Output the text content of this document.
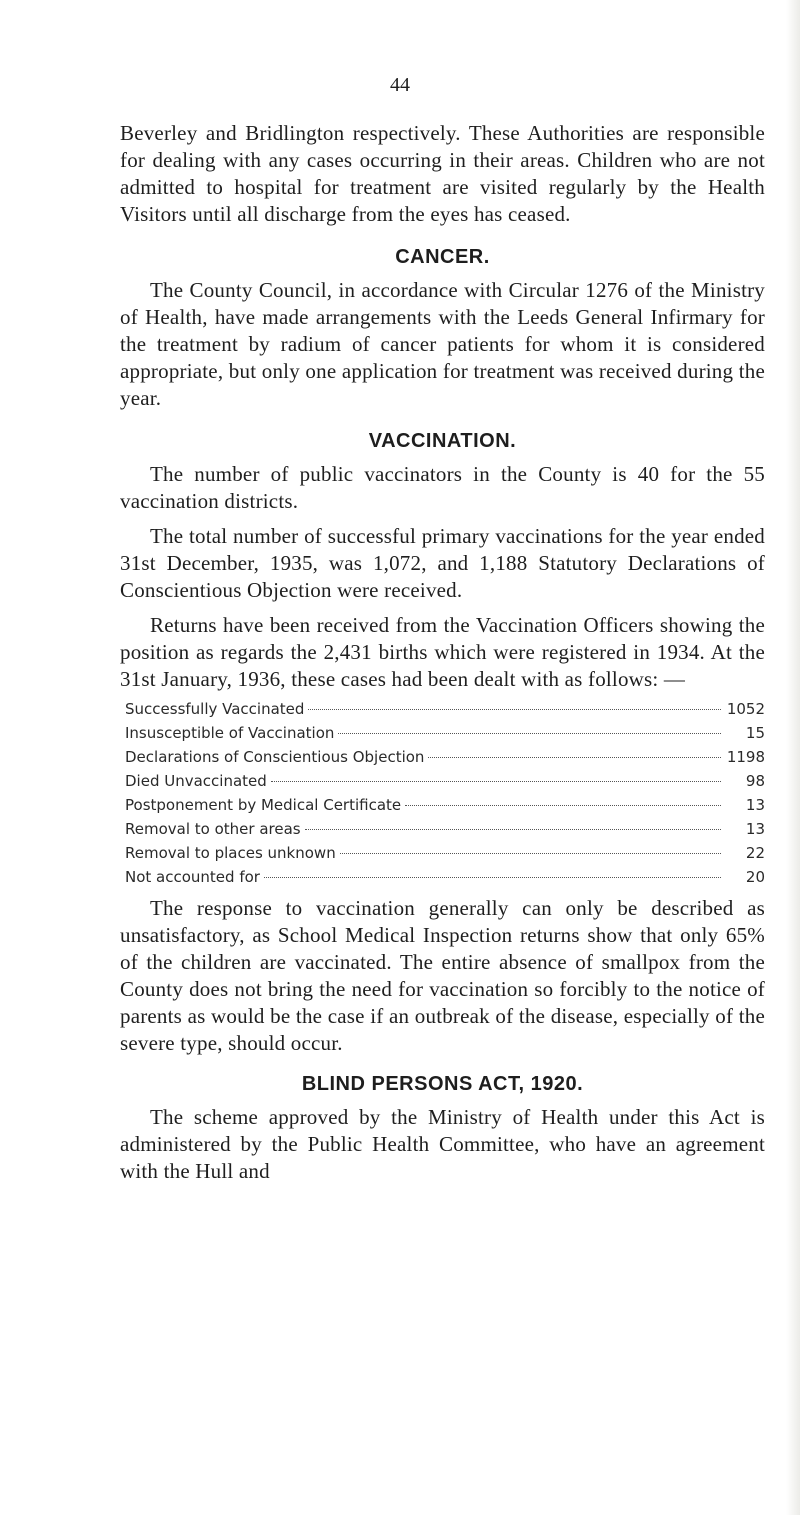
44

Beverley and Bridlington respectively. These Authorities are responsible for dealing with any cases occurring in their areas. Children who are not admitted to hospital for treatment are visited regularly by the Health Visitors until all discharge from the eyes has ceased.

CANCER.

The County Council, in accordance with Circular 1276 of the Ministry of Health, have made arrangements with the Leeds General Infirmary for the treatment by radium of cancer patients for whom it is considered appropriate, but only one application for treatment was received during the year.

VACCINATION.

The number of public vaccinators in the County is 40 for the 55 vaccination districts.

The total number of successful primary vaccinations for the year ended 31st December, 1935, was 1,072, and 1,188 Statutory Declarations of Conscientious Objection were received.

Returns have been received from the Vaccination Officers showing the position as regards the 2,431 births which were registered in 1934. At the 31st January, 1936, these cases had been dealt with as follows: —

Successfully Vaccinated	1052
Insusceptible of Vaccination	15
Declarations of Conscientious Objection	1198
Died Unvaccinated	98
Postponement by Medical Certificate	13
Removal to other areas	13
Removal to places unknown	22
Not accounted for	20

The response to vaccination generally can only be described as unsatisfactory, as School Medical Inspection returns show that only 65% of the children are vaccinated. The entire absence of smallpox from the County does not bring the need for vaccination so forcibly to the notice of parents as would be the case if an outbreak of the disease, especially of the severe type, should occur.

BLIND PERSONS ACT, 1920.

The scheme approved by the Ministry of Health under this Act is administered by the Public Health Committee, who have an agreement with the Hull and
